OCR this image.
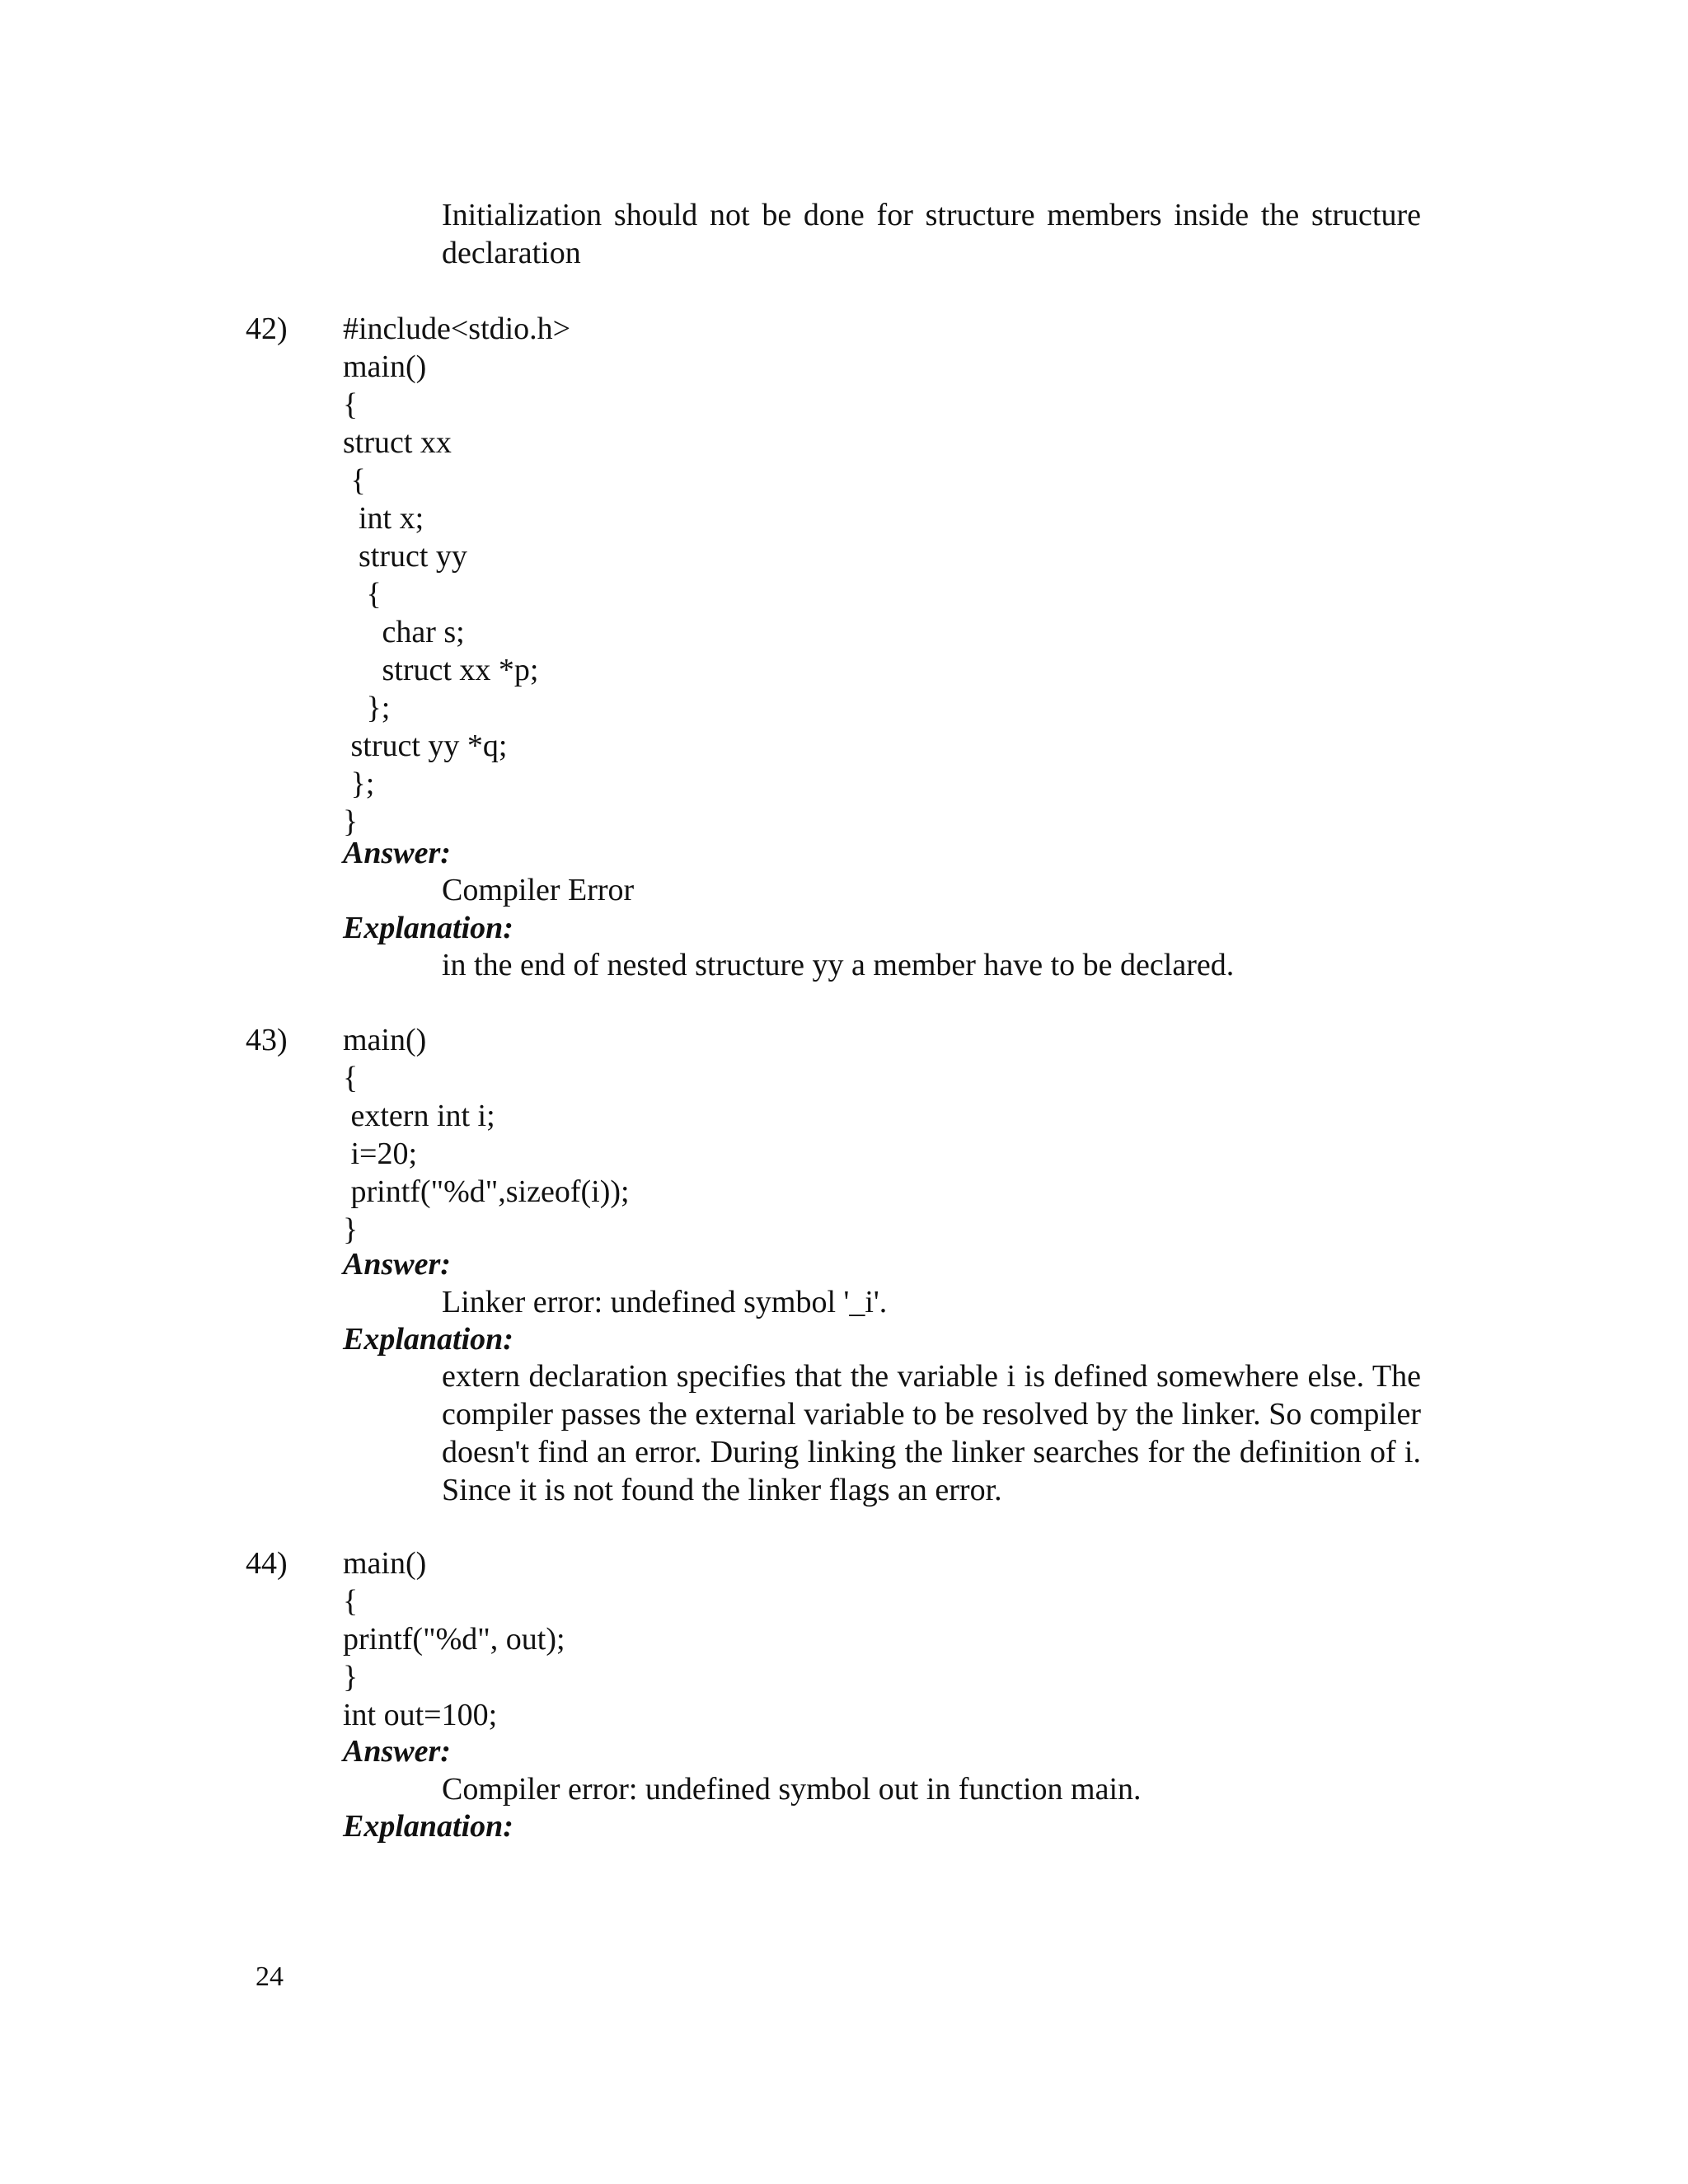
Initialization should not be done for structure members inside the structure declaration
42)	#include<stdio.h>
main()
{
struct xx
{
int x;
struct yy
{
char s;
struct xx *p;
};
struct yy *q;
};
}
Answer:
Compiler Error
Explanation:
in the end of nested structure yy a member have to be declared.
43)	main()
{
extern int i;
i=20;
printf("%d",sizeof(i));
}
Answer:
Linker error: undefined symbol '_i'.
Explanation:
extern declaration specifies that the variable i is defined somewhere else. The compiler passes the external variable to be resolved by the linker. So compiler doesn't find an error. During linking the linker searches for the definition of i. Since it is not found the linker flags an error.
44)	main()
{
printf("%d", out);
}
int out=100;
Answer:
Compiler error: undefined symbol out in function main.
Explanation:
24
